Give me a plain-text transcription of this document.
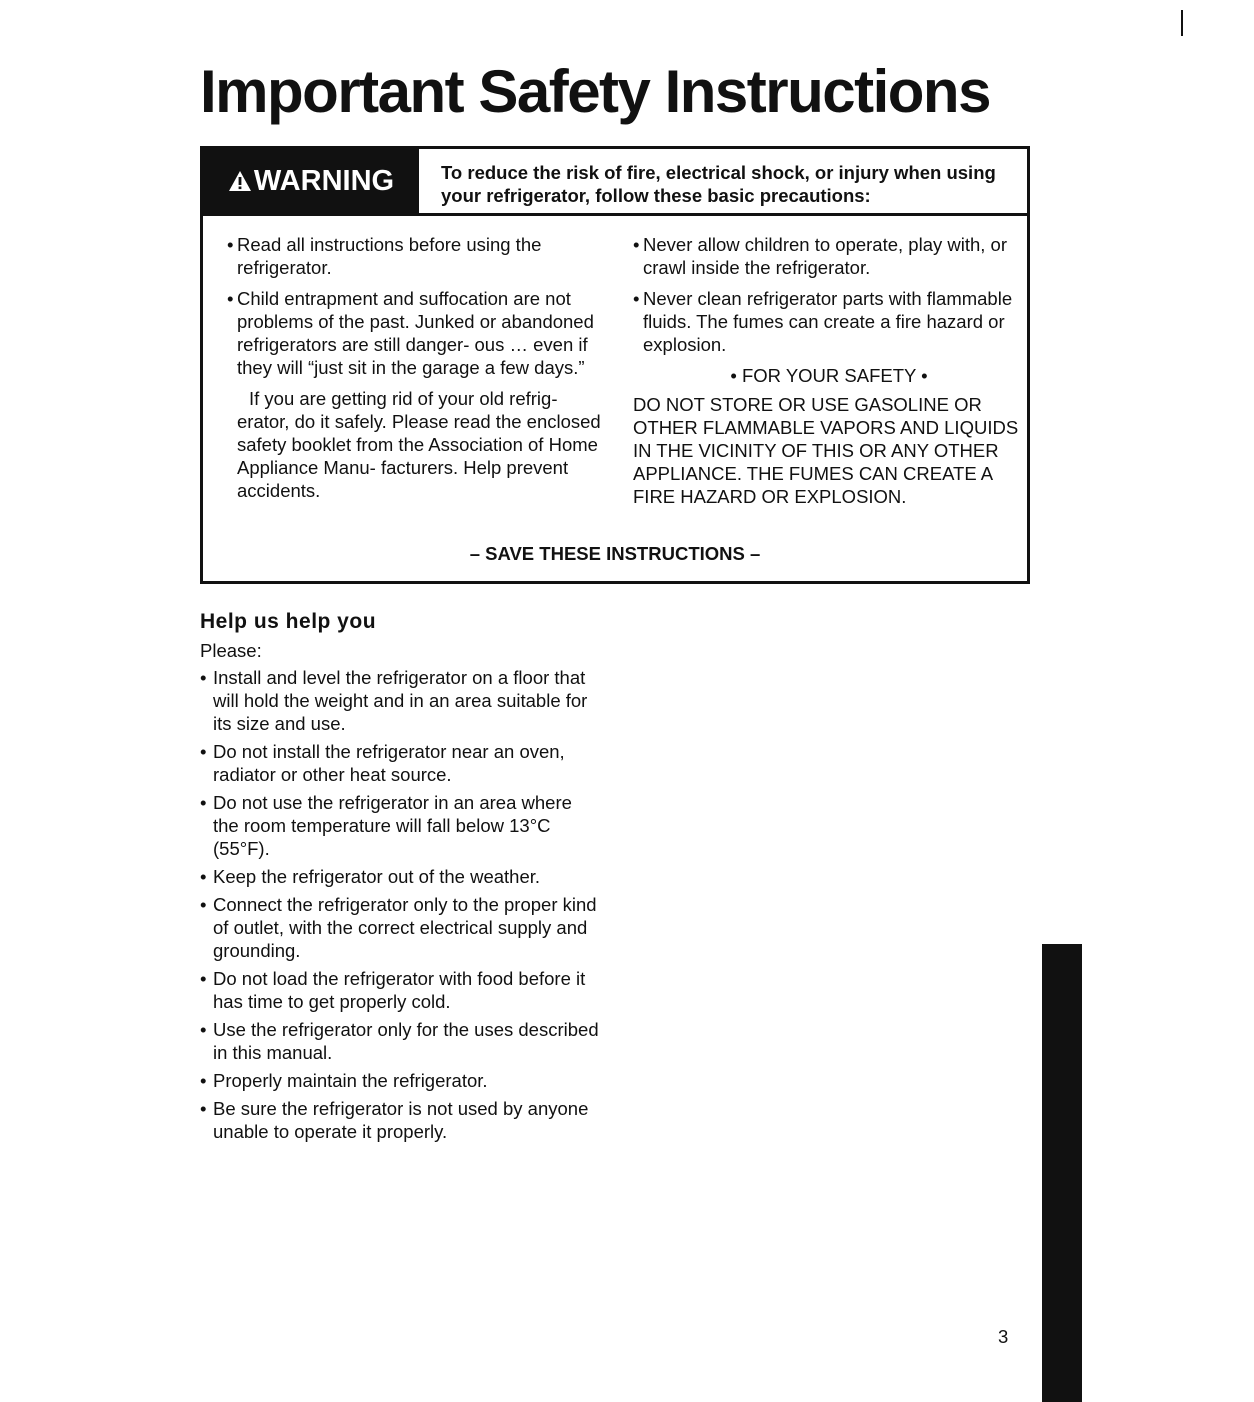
Important Safety Instructions
WARNING	To reduce the risk of fire, electrical shock, or injury when using your refrigerator, follow these basic precautions:
• Read all instructions before using the refrigerator.
• Child entrapment and suffocation are not problems of the past. Junked or abandoned refrigerators are still danger- ous … even if they will “just sit in the garage a few days.”

If you are getting rid of your old refrig- erator, do it safely. Please read the enclosed safety booklet from the Association of Home Appliance Manu- facturers. Help prevent accidents.

• Never allow children to operate, play with, or crawl inside the refrigerator.
• Never clean refrigerator parts with flammable fluids. The fumes can create a fire hazard or explosion.

• FOR YOUR SAFETY •

DO NOT STORE OR USE GASOLINE OR OTHER FLAMMABLE VAPORS AND LIQUIDS IN THE VICINITY OF THIS OR ANY OTHER APPLIANCE. THE FUMES CAN CREATE A FIRE HAZARD OR EXPLOSION.

– SAVE THESE INSTRUCTIONS –
Help us help you
Please:
• Install and level the refrigerator on a floor that will hold the weight and in an area suitable for its size and use.
• Do not install the refrigerator near an oven, radiator or other heat source.
• Do not use the refrigerator in an area where the room temperature will fall below 13°C (55°F).
• Keep the refrigerator out of the weather.
• Connect the refrigerator only to the proper kind of outlet, with the correct electrical supply and grounding.
• Do not load the refrigerator with food before it has time to get properly cold.
• Use the refrigerator only for the uses described in this manual.
• Properly maintain the refrigerator.
• Be sure the refrigerator is not used by anyone unable to operate it properly.
3
